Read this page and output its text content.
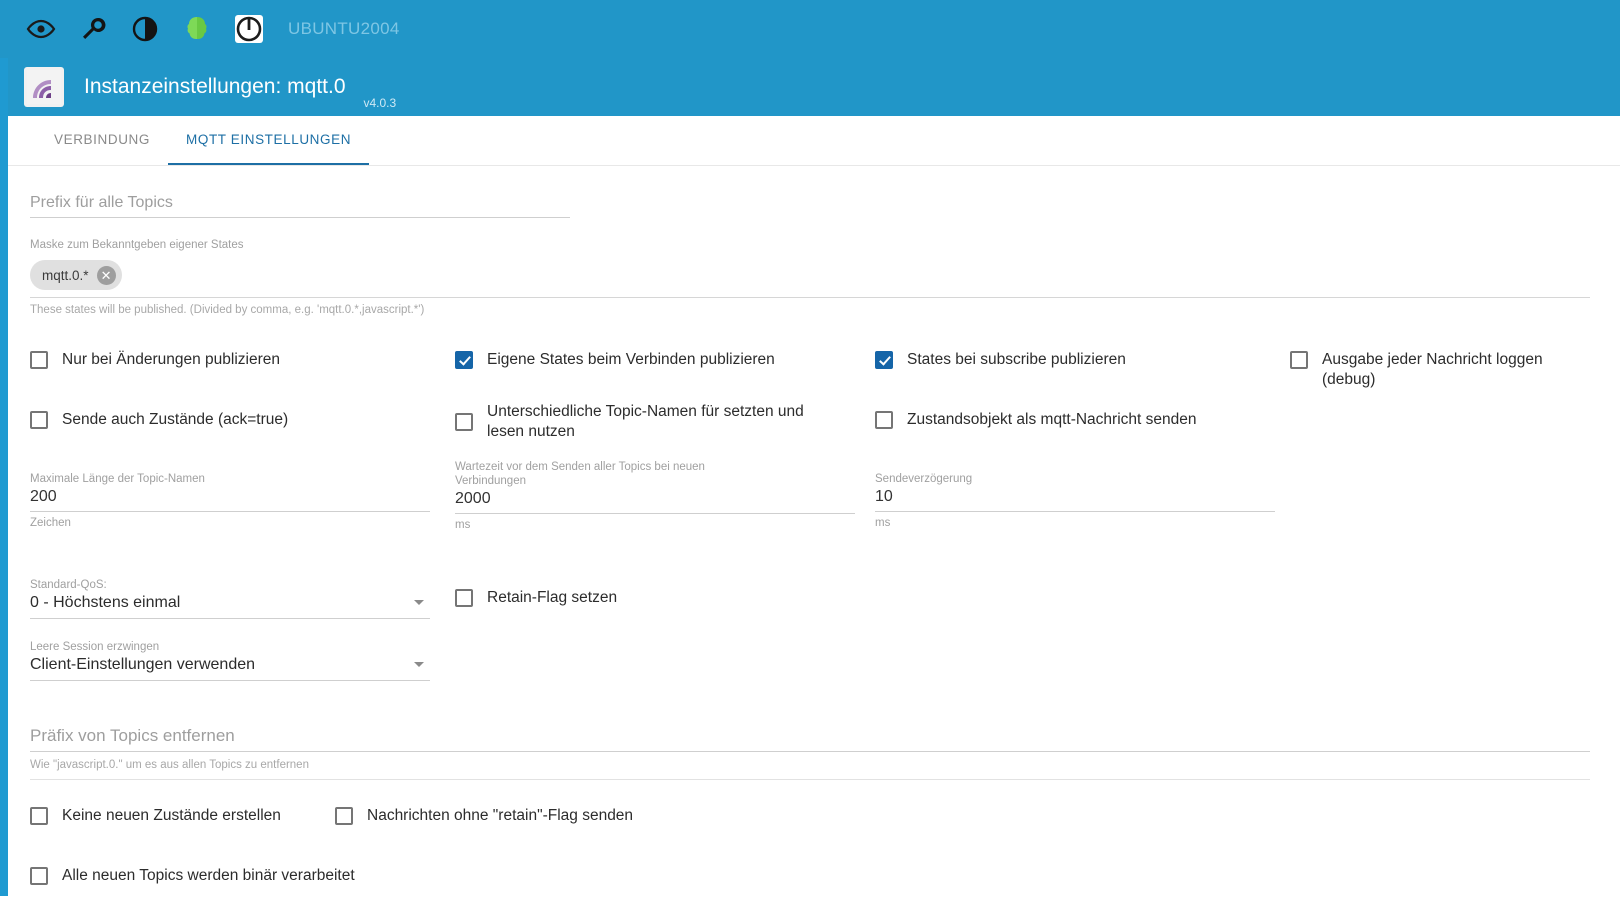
UBUNTU2004
Instanzeinstellungen: mqtt.0
v4.0.3
VERBINDUNG	MQTT EINSTELLUNGEN
Prefix für alle Topics
Maske zum Bekanntgeben eigener States
mqtt.0.* ✕
These states will be published. (Divided by comma, e.g. 'mqtt.0.*,javascript.*')
Nur bei Änderungen publizieren	Eigene States beim Verbinden publizieren	States bei subscribe publizieren	Ausgabe jeder Nachricht loggen (debug)
Sende auch Zustände (ack=true)	Unterschiedliche Topic-Namen für setzten und lesen nutzen
Zustandsobjekt als mqtt-Nachricht senden
Maximale Länge der Topic-Namen
200
Zeichen
Wartezeit vor dem Senden aller Topics bei neuen Verbindungen
2000
ms
Sendeverzögerung
10
ms
Standard-QoS:
0 - Höchstens einmal
Leere Session erzwingen
Client-Einstellungen verwenden
Retain-Flag setzen
Präfix von Topics entfernen
Wie "javascript.0." um es aus allen Topics zu entfernen
Keine neuen Zustände erstellen	Nachrichten ohne "retain"-Flag senden
Alle neuen Topics werden binär verarbeitet
